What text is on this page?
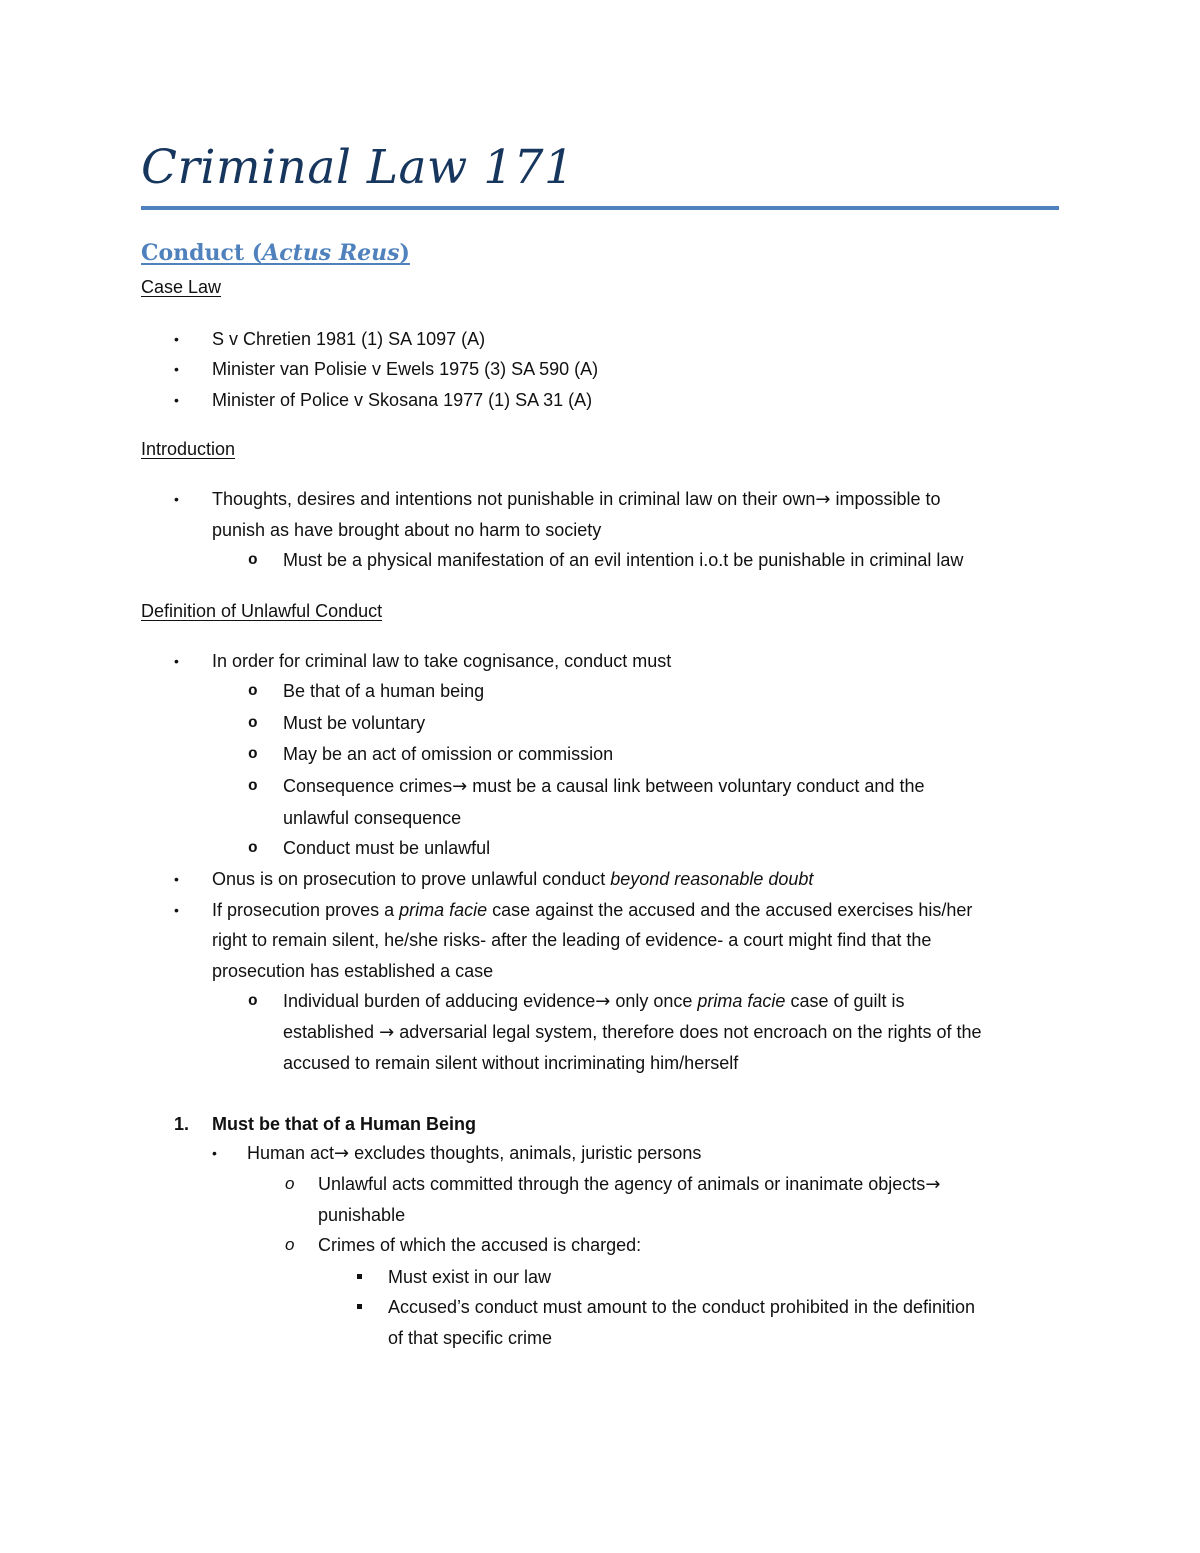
Criminal Law 171
Conduct (Actus Reus)

Case Law

• S v Chretien 1981 (1) SA 1097 (A)

• Minister van Polisie v Ewels 1975 (3) SA 590 (A)

• Minister of Police v Skosana 1977 (1) SA 31 (A)

Introduction

• Thoughts, desires and intentions not punishable in criminal law on their own→ impossible to

punish as have brought about no harm to society

o Must be a physical manifestation of an evil intention i.o.t be punishable in criminal law

Definition of Unlawful Conduct

• In order for criminal law to take cognisance, conduct must

o Be that of a human being

o Must be voluntary

o May be an act of omission or commission

o Consequence crimes→ must be a causal link between voluntary conduct and the

unlawful consequence

o Conduct must be unlawful

• Onus is on prosecution to prove unlawful conduct beyond reasonable doubt

• If prosecution proves a prima facie case against the accused and the accused exercises his/her

right to remain silent, he/she risks- after the leading of evidence- a court might find that the

prosecution has established a case

o Individual burden of adducing evidence→ only once prima facie case of guilt is

established → adversarial legal system, therefore does not encroach on the rights of the

accused to remain silent without incriminating him/herself

1. Must be that of a Human Being

• Human act→ excludes thoughts, animals, juristic persons

o Unlawful acts committed through the agency of animals or inanimate objects→

punishable

o Crimes of which the accused is charged:

Must exist in our law

Accused’s conduct must amount to the conduct prohibited in the definition

of that specific crime
